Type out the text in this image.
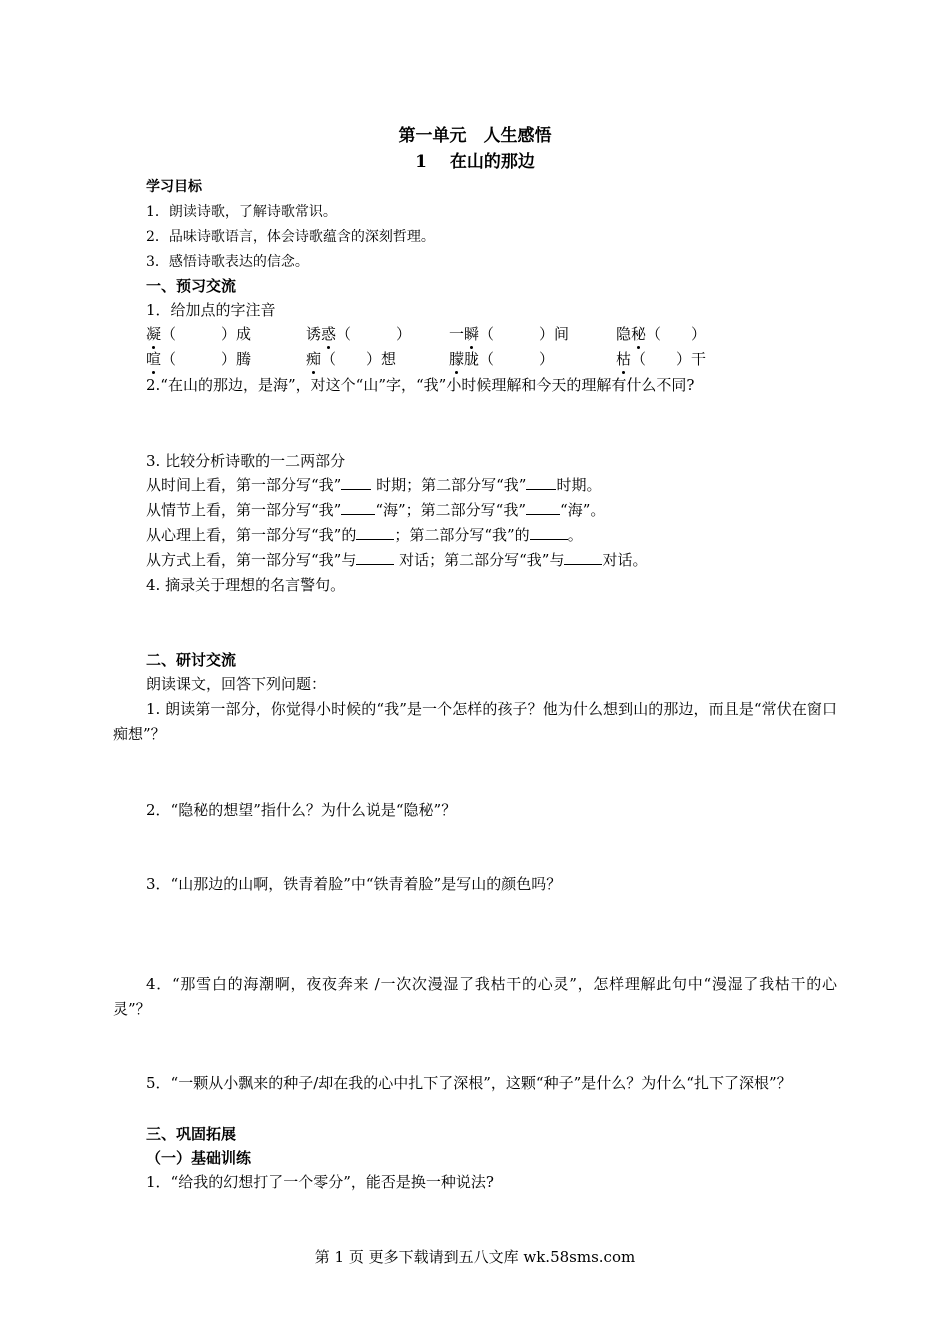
第一单元　人生感悟
1　 在山的那边
学习目标
1．朗读诗歌，了解诗歌常识。
2．品味诗歌语言，体会诗歌蕴含的深刻哲理。
3．感悟诗歌表达的信念。
一、预习交流
1．给加点的字注音
凝（　　　）成	诱惑（　　　）	一瞬（　　　）间	隐秘（　　）
喧（　　　）腾	痴（　　）想	朦胧（　　　）	枯（　　）干
2.“在山的那边，是海”，对这个“山”字，“我”小时候理解和今天的理解有什么不同?
3. 比较分析诗歌的一二两部分
从时间上看，第一部分写“我” 时期；第二部分写“我” 时期。
从情节上看，第一部分写“我” “海”；第二部分写“我” “海”。
从心理上看，第一部分写“我”的	；第二部分写“我”的	。
从方式上看，第一部分写“我”与	对话；第二部分写“我”与	对话。
4. 摘录关于理想的名言警句。
二、研讨交流
朗读课文，回答下列问题：
1. 朗读第一部分，你觉得小时候的“我”是一个怎样的孩子？他为什么想到山的那边，而且是“常伏在窗口痴想”？
2．“隐秘的想望”指什么？为什么说是“隐秘”？
3．“山那边的山啊，铁青着脸”中“铁青着脸”是写山的颜色吗？
4．“那雪白的海潮啊，夜夜奔来 /一次次漫湿了我枯干的心灵”，怎样理解此句中“漫湿了我枯干的心灵”？
5．“一颗从小飘来的种子/却在我的心中扎下了深根”，这颗“种子”是什么？为什么“扎下了深根”？
三、巩固拓展
（一）基础训练
1．“给我的幻想打了一个零分”，能否是换一种说法?
第 1 页 更多下载请到五八文库 wk.58sms.com
